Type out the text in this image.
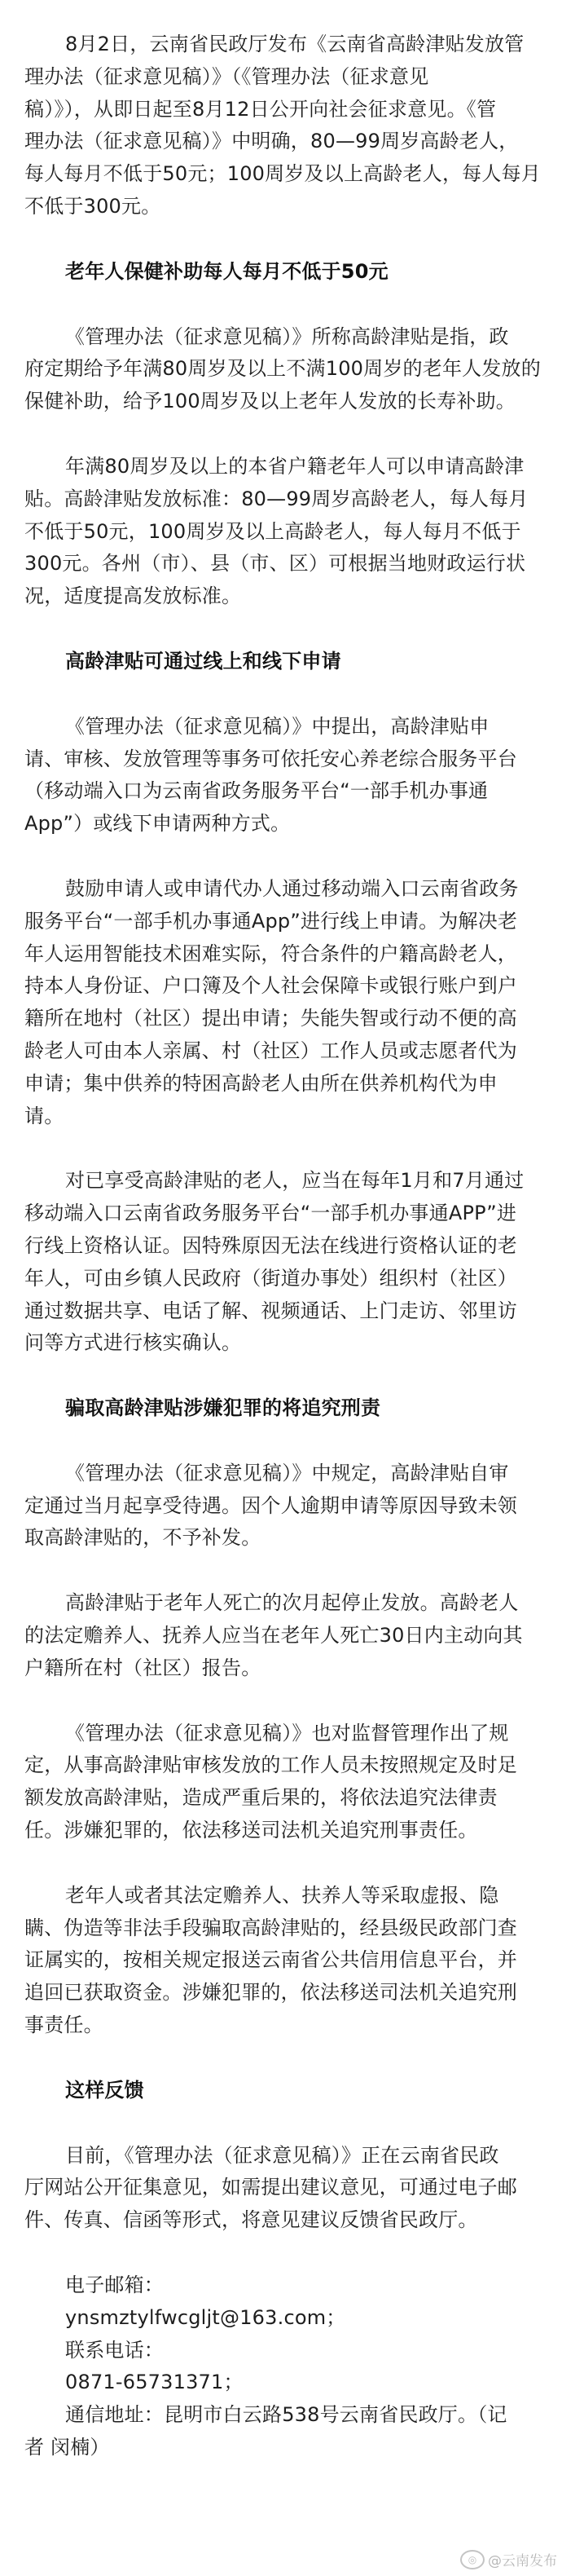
8月2日，云南省民政厅发布《云南省高龄津贴发放管
理办法（征求意见稿）》（《管理办法（征求意见
稿）》），从即日起至8月12日公开向社会征求意见。《管
理办法（征求意见稿）》中明确，80—99周岁高龄老人，
每人每月不低于50元；100周岁及以上高龄老人，每人每月
不低于300元。
老年人保健补助每人每月不低于50元
《管理办法（征求意见稿）》所称高龄津贴是指，政
府定期给予年满80周岁及以上不满100周岁的老年人发放的
保健补助，给予100周岁及以上老年人发放的长寿补助。
年满80周岁及以上的本省户籍老年人可以申请高龄津
贴。高龄津贴发放标准：80—99周岁高龄老人，每人每月
不低于50元，100周岁及以上高龄老人，每人每月不低于
300元。各州（市）、县（市、区）可根据当地财政运行状
况，适度提高发放标准。
高龄津贴可通过线上和线下申请
《管理办法（征求意见稿）》中提出，高龄津贴申
请、审核、发放管理等事务可依托安心养老综合服务平台
（移动端入口为云南省政务服务平台“一部手机办事通
App”）或线下申请两种方式。
鼓励申请人或申请代办人通过移动端入口云南省政务
服务平台“一部手机办事通App”进行线上申请。为解决老
年人运用智能技术困难实际，符合条件的户籍高龄老人，
持本人身份证、户口簿及个人社会保障卡或银行账户到户
籍所在地村（社区）提出申请；失能失智或行动不便的高
龄老人可由本人亲属、村（社区）工作人员或志愿者代为
申请；集中供养的特困高龄老人由所在供养机构代为申
请。
对已享受高龄津贴的老人，应当在每年1月和7月通过
移动端入口云南省政务服务平台“一部手机办事通APP”进
行线上资格认证。因特殊原因无法在线进行资格认证的老
年人，可由乡镇人民政府（街道办事处）组织村（社区）
通过数据共享、电话了解、视频通话、上门走访、邻里访
问等方式进行核实确认。
骗取高龄津贴涉嫌犯罪的将追究刑责
《管理办法（征求意见稿）》中规定，高龄津贴自审
定通过当月起享受待遇。因个人逾期申请等原因导致未领
取高龄津贴的，不予补发。
高龄津贴于老年人死亡的次月起停止发放。高龄老人
的法定赡养人、抚养人应当在老年人死亡30日内主动向其
户籍所在村（社区）报告。
《管理办法（征求意见稿）》也对监督管理作出了规
定，从事高龄津贴审核发放的工作人员未按照规定及时足
额发放高龄津贴，造成严重后果的，将依法追究法律责
任。涉嫌犯罪的，依法移送司法机关追究刑事责任。
老年人或者其法定赡养人、扶养人等采取虚报、隐
瞒、伪造等非法手段骗取高龄津贴的，经县级民政部门查
证属实的，按相关规定报送云南省公共信用信息平台，并
追回已获取资金。涉嫌犯罪的，依法移送司法机关追究刑
事责任。
这样反馈
目前，《管理办法（征求意见稿）》正在云南省民政
厅网站公开征集意见，如需提出建议意见，可通过电子邮
件、传真、信函等形式，将意见建议反馈省民政厅。
电子邮箱：
ynsmztylfwcgljt@163.com；
联系电话：
0871-65731371；
通信地址：昆明市白云路538号云南省民政厅。（记
者 闵楠）
◎ @云南发布
